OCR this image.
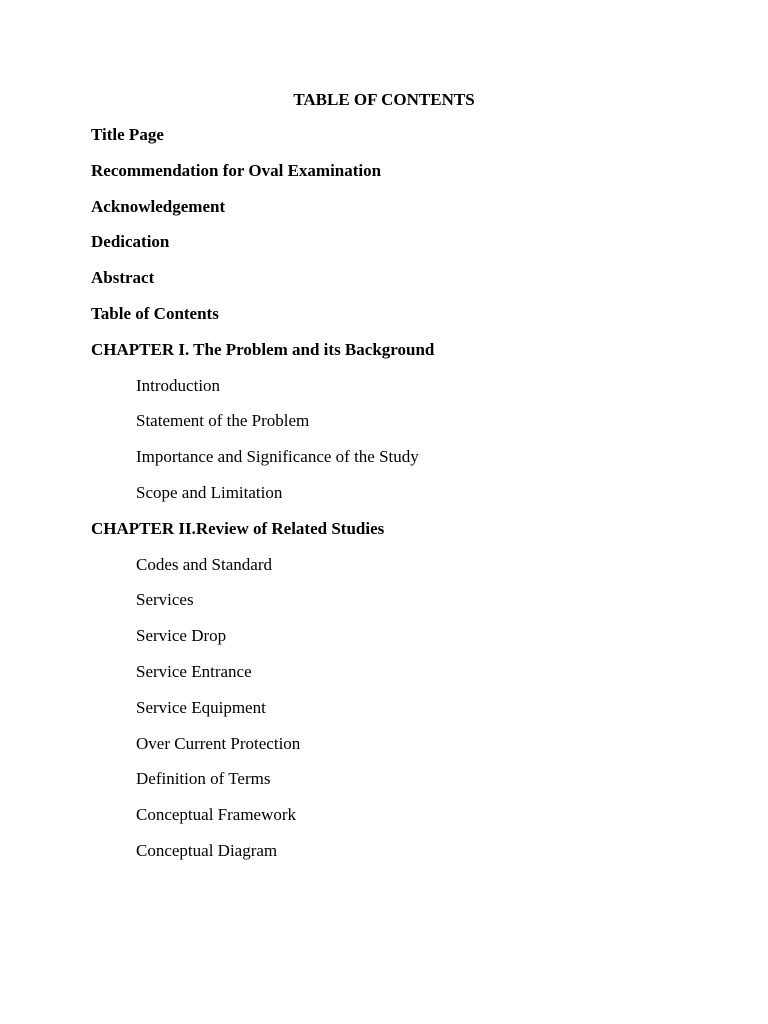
TABLE OF CONTENTS
Title Page
Recommendation for Oval Examination
Acknowledgement
Dedication
Abstract
Table of Contents
CHAPTER I. The Problem and its Background
Introduction
Statement of the Problem
Importance and Significance of the Study
Scope and Limitation
CHAPTER II.Review of Related Studies
Codes and Standard
Services
Service Drop
Service Entrance
Service Equipment
Over Current Protection
Definition of Terms
Conceptual Framework
Conceptual Diagram
